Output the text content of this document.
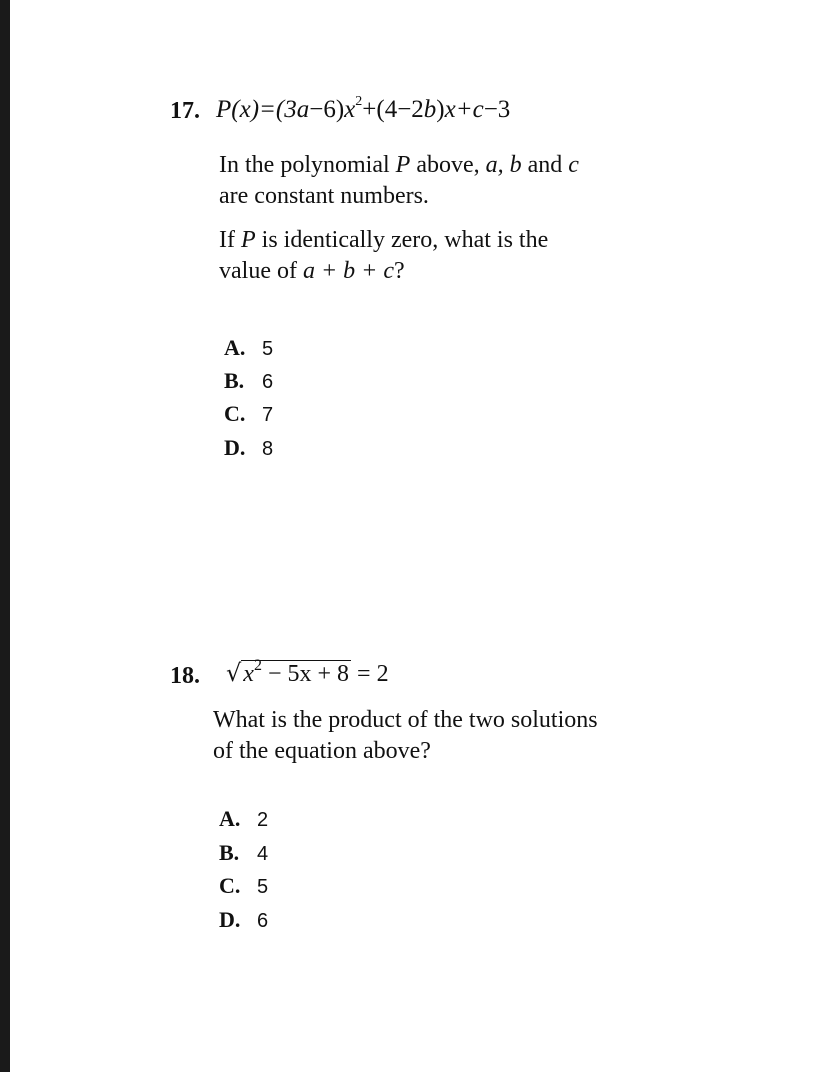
17. $P(x)=(3a-6)x^2+(4-2b)x+c-3$
In the polynomial P above, a, b and c
are constant numbers.
If P is identically zero, what is the
value of a + b + c?
A. 5
B. 6
C. 7
D. 8
18. $√x^2 - 5x + 8 = 2$
What is the product of the two solutions
of the equation above?
A. 2
B. 4
C. 5
D. 6
